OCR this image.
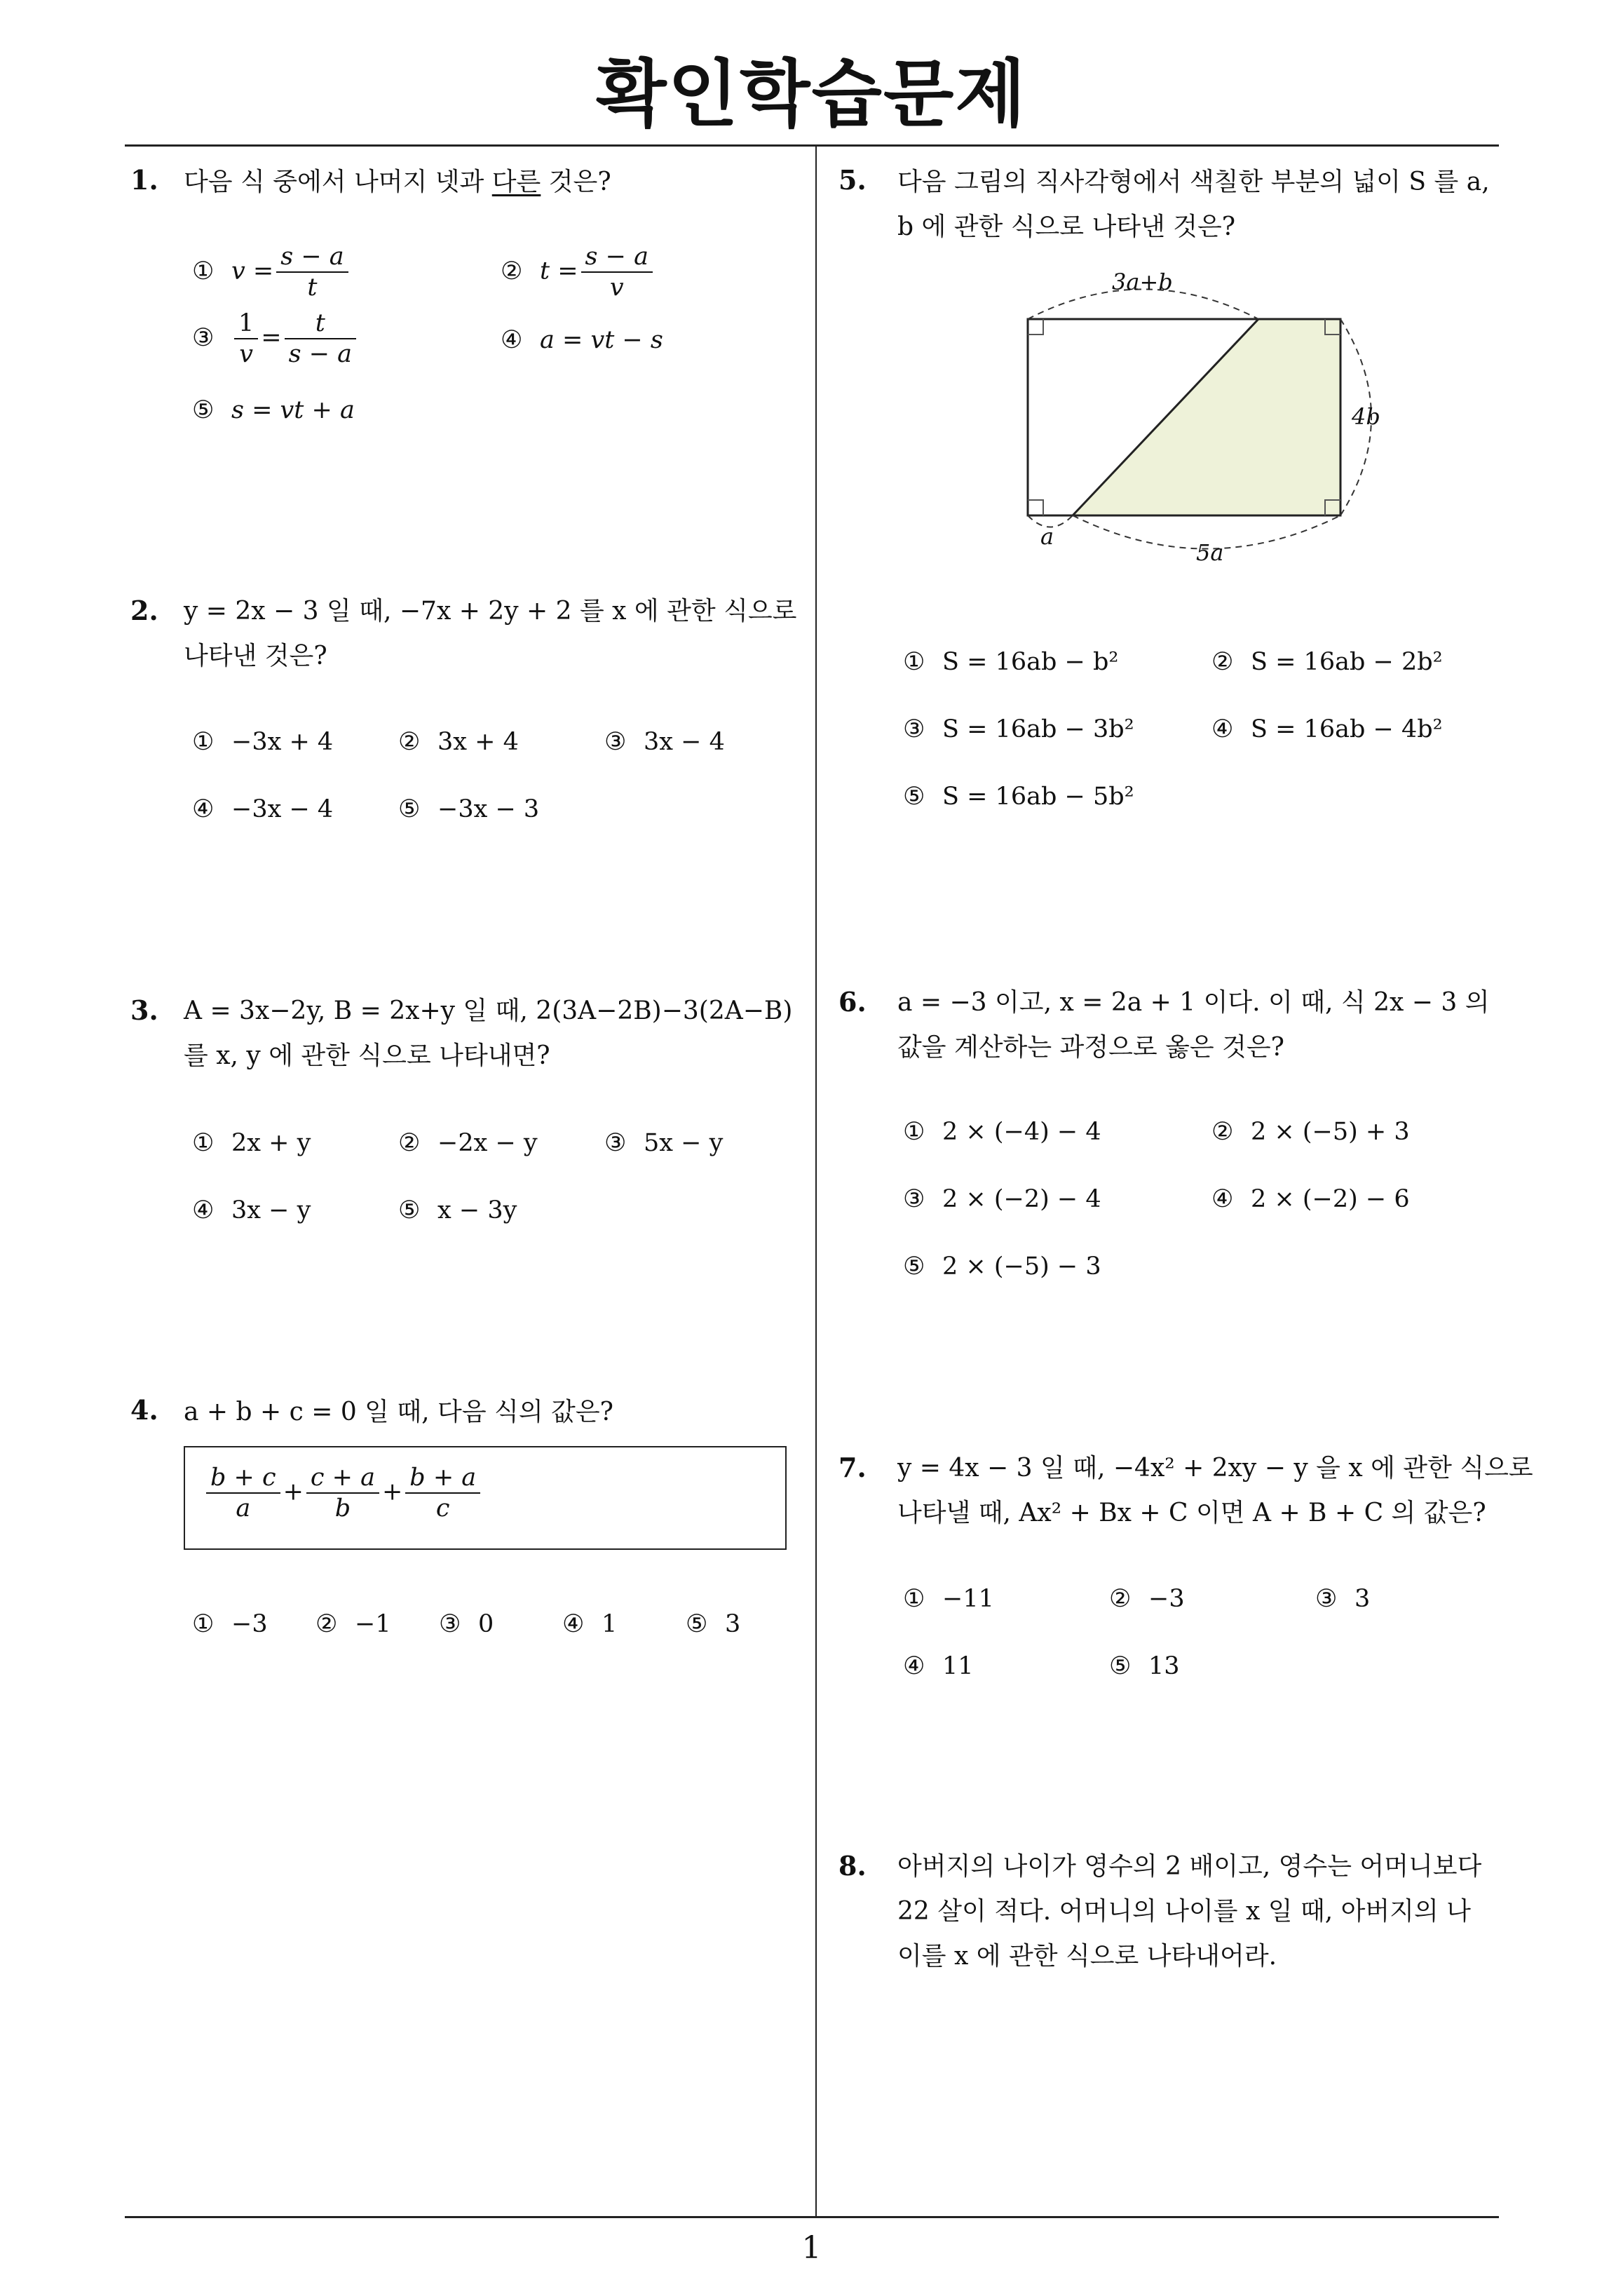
확인학습문제
1. 다음 식 중에서 나머지 넷과 다른 것은?
① $v = \frac{s - a}{t}$	② $t = \frac{s - a}{v}$
③ $\frac{1}{v} = \frac{t}{s - a}$	④ a = vt − s
⑤ s = vt + a
2. y = 2x − 3 일 때, −7x + 2y + 2 를 x 에 관한 식으로
나타낸 것은?
① −3x + 4	② 3x + 4	③ 3x − 4
④ −3x − 4	⑤ −3x − 3
3. A = 3x−2y, B = 2x+y 일 때, 2(3A−2B)−3(2A−B)
를 x, y 에 관한 식으로 나타내면?
① 2x + y	② −2x − y	③ 5x − y
④ 3x − y	⑤ x − 3y
4. a + b + c = 0 일 때, 다음 식의 값은?
$\frac{b + c}{a} + \frac{c + a}{b} + \frac{b + a}{c}$
① −3 ② −1 ③ 0	④ 1	⑤ 3
5. 다음 그림의 직사각형에서 색칠한 부분의 넓이 S 를 a,
b 에 관한 식으로 나타낸 것은?
3a+b
4b
a
5a
① S = 16ab − b²	② S = 16ab − 2b²
③ S = 16ab − 3b²	④ S = 16ab − 4b²
⑤ S = 16ab − 5b²
6. a = −3 이고, x = 2a + 1 이다. 이 때, 식 2x − 3 의
값을 계산하는 과정으로 옳은 것은?
① 2 × (−4) − 4	② 2 × (−5) + 3
③ 2 × (−2) − 4	④ 2 × (−2) − 6
⑤ 2 × (−5) − 3
7. y = 4x − 3 일 때, −4x² + 2xy − y 을 x 에 관한 식으로
나타낼 때, Ax² + Bx + C 이면 A + B + C 의 값은?
① −11	② −3	③ 3
④ 11	⑤ 13
8. 아버지의 나이가 영수의 2 배이고, 영수는 어머니보다
22 살이 적다. 어머니의 나이를 x 일 때, 아버지의 나
이를 x 에 관한 식으로 나타내어라.
1
